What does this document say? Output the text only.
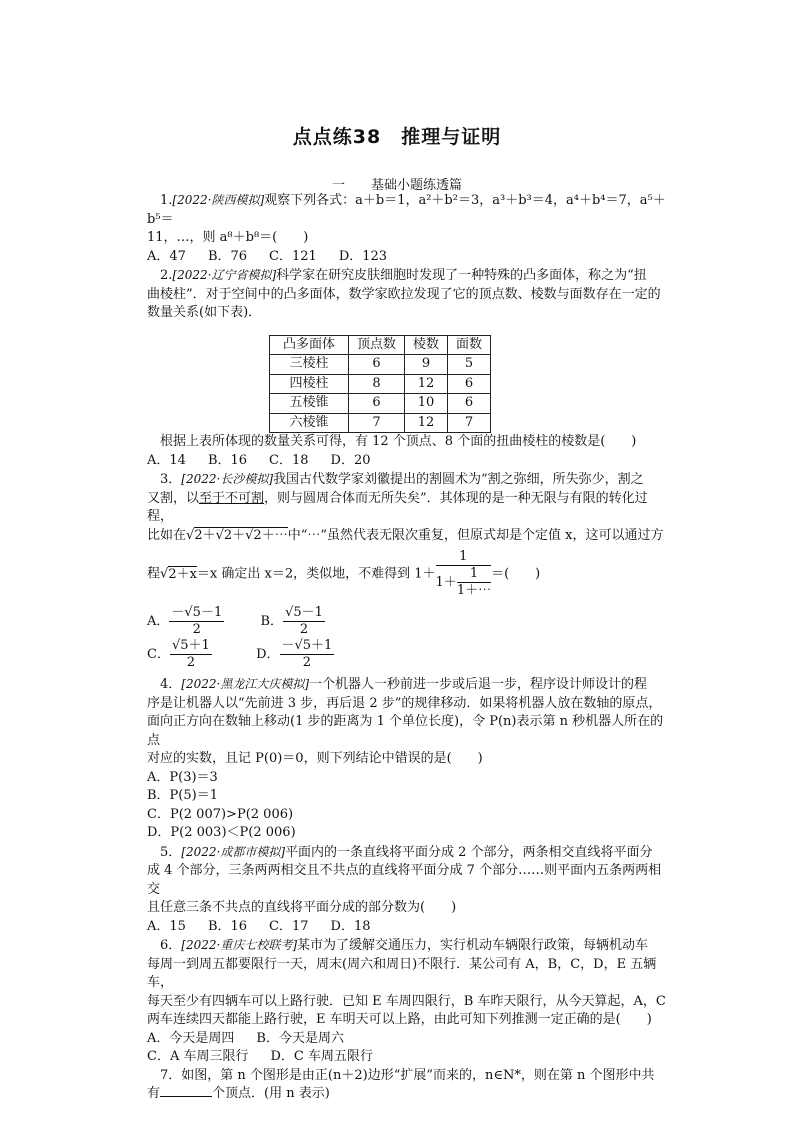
点点练38　推理与证明
一 基础小题练透篇

1.[2022·陕西模拟]观察下列各式：a＋b＝1，a²＋b²＝3，a³＋b³＝4，a⁴＋b⁴＝7，a⁵＋b⁵＝

11，…，则 a⁸＋b⁸＝(　　)

A．47 B．76 C．121 D．123

2.[2022·辽宁省模拟]科学家在研究皮肤细胞时发现了一种特殊的凸多面体，称之为“扭

曲棱柱”．对于空间中的凸多面体，数学家欧拉发现了它的顶点数、棱数与面数存在一定的

数量关系(如下表)．

凸多面体	顶点数	棱数	面数
三棱柱	6	9	5
四棱柱	8	12	6
五棱锥	6	10	6
六棱锥	7	12	7

根据上表所体现的数量关系可得，有 12 个顶点、8 个面的扭曲棱柱的棱数是(　　)

A．14 B．16 C．18 D．20

3．[2022·长沙模拟]我国古代数学家刘徽提出的割圆术为“割之弥细，所失弥少，割之

又割，以至于不可割，则与圆周合体而无所失矣”．其体现的是一种无限与有限的转化过程，

比如在√2＋√2＋√2＋⋯中“⋯”虽然代表无限次重复，但原式却是个定值 x，这可以通过方

程√2＋x＝x 确定出 x＝2，类似地，不难得到 $1+ \frac{1}{1+ \frac{1}{1+\cdots}}$ ＝(　　)

A． $\frac{-√5-1}{2}$	B． $\frac{√5-1}{2}$

C． $\frac{√5+1}{2}$	D． $\frac{-√5+1}{2}$

4．[2022·黑龙江大庆模拟]一个机器人一秒前进一步或后退一步，程序设计师设计的程

序是让机器人以“先前进 3 步，再后退 2 步”的规律移动．如果将机器人放在数轴的原点，

面向正方向在数轴上移动(1 步的距离为 1 个单位长度)，令 P(n)表示第 n 秒机器人所在的点

对应的实数，且记 P(0)＝0，则下列结论中错误的是(　　)

A．P(3)＝3

B．P(5)＝1

C．P(2 007)>P(2 006)

D．P(2 003)＜P(2 006)

5．[2022·成都市模拟]平面内的一条直线将平面分成 2 个部分，两条相交直线将平面分

成 4 个部分，三条两两相交且不共点的直线将平面分成 7 个部分……则平面内五条两两相交

且任意三条不共点的直线将平面分成的部分数为(　　)

A．15 B．16 C．17 D．18

6．[2022·重庆七校联考]某市为了缓解交通压力，实行机动车辆限行政策，每辆机动车

每周一到周五都要限行一天，周末(周六和周日)不限行．某公司有 A，B，C，D，E 五辆车，

每天至少有四辆车可以上路行驶．已知 E 车周四限行，B 车昨天限行，从今天算起，A，C

两车连续四天都能上路行驶，E 车明天可以上路，由此可知下列推测一定正确的是(　　)

A．今天是周四 B．今天是周六

C．A 车周三限行 D．C 车周五限行

7．如图，第 n 个图形是由正(n＋2)边形“扩展”而来的，n∈N*，则在第 n 个图形中共

有	个顶点．(用 n 表示)
